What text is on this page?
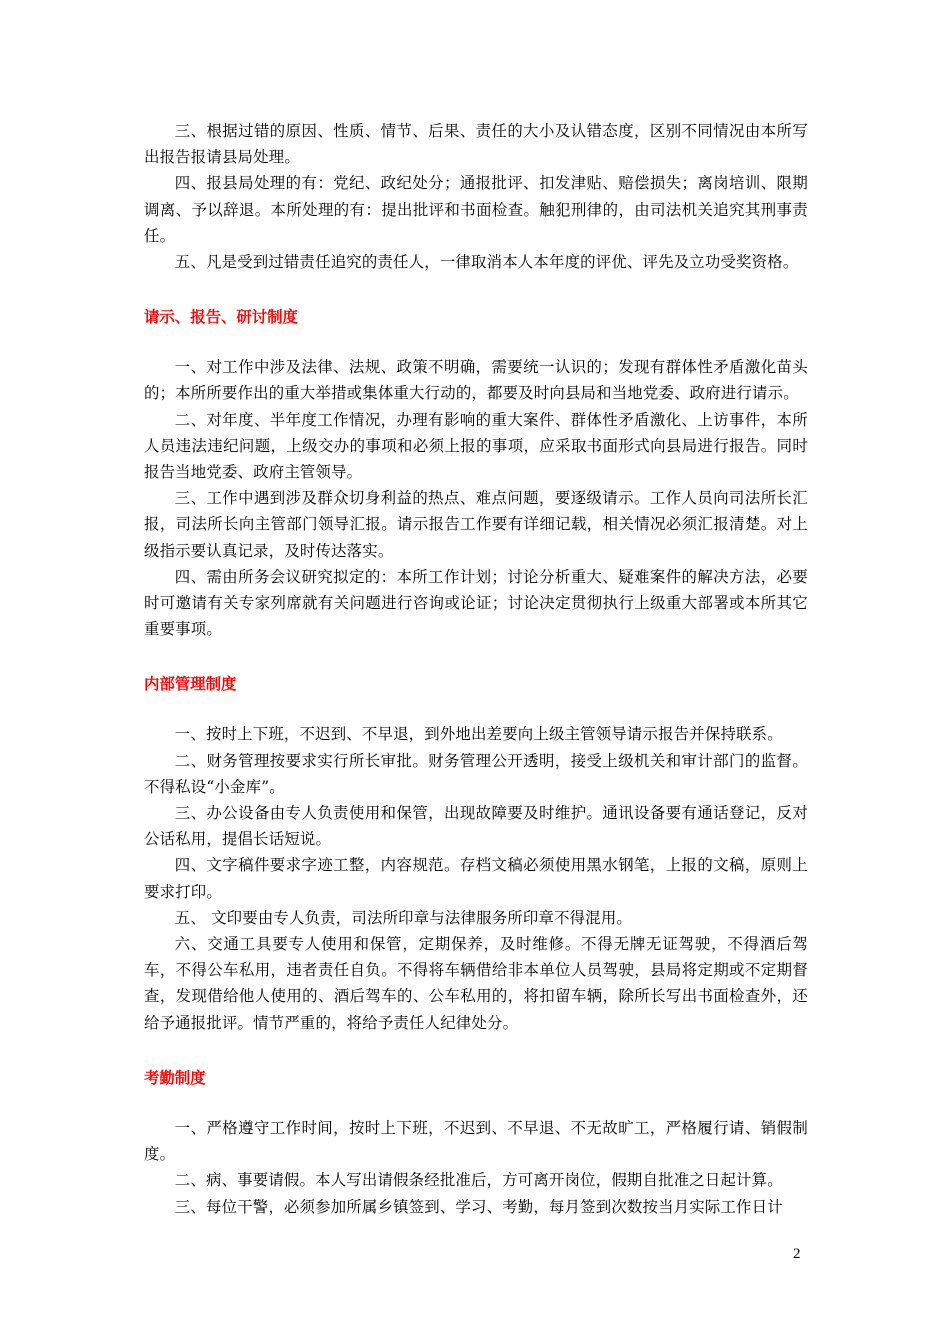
三、根据过错的原因、性质、情节、后果、责任的大小及认错态度，区别不同情况由本所写出报告报请县局处理。

四、报县局处理的有：党纪、政纪处分；通报批评、扣发津贴、赔偿损失；离岗培训、限期调离、予以辞退。本所处理的有：提出批评和书面检查。触犯刑律的，由司法机关追究其刑事责任。

五、凡是受到过错责任追究的责任人，一律取消本人本年度的评优、评先及立功受奖资格。

请示、报告、研讨制度

一、对工作中涉及法律、法规、政策不明确，需要统一认识的；发现有群体性矛盾激化苗头的；本所所要作出的重大举措或集体重大行动的，都要及时向县局和当地党委、政府进行请示。

二、对年度、半年度工作情况，办理有影响的重大案件、群体性矛盾激化、上访事件，本所人员违法违纪问题，上级交办的事项和必须上报的事项，应采取书面形式向县局进行报告。同时报告当地党委、政府主管领导。

三、工作中遇到涉及群众切身利益的热点、难点问题，要逐级请示。工作人员向司法所长汇报，司法所长向主管部门领导汇报。请示报告工作要有详细记载，相关情况必须汇报清楚。对上级指示要认真记录，及时传达落实。

四、需由所务会议研究拟定的：本所工作计划；讨论分析重大、疑难案件的解决方法，必要时可邀请有关专家列席就有关问题进行咨询或论证；讨论决定贯彻执行上级重大部署或本所其它重要事项。

内部管理制度

一、按时上下班，不迟到、不早退，到外地出差要向上级主管领导请示报告并保持联系。

二、财务管理按要求实行所长审批。财务管理公开透明，接受上级机关和审计部门的监督。不得私设“小金库”。

三、办公设备由专人负责使用和保管，出现故障要及时维护。通讯设备要有通话登记，反对公话私用，提倡长话短说。

四、文字稿件要求字迹工整，内容规范。存档文稿必须使用黑水钢笔，上报的文稿，原则上要求打印。

五、 文印要由专人负责，司法所印章与法律服务所印章不得混用。

六、交通工具要专人使用和保管，定期保养，及时维修。不得无牌无证驾驶，不得酒后驾车，不得公车私用，违者责任自负。不得将车辆借给非本单位人员驾驶，县局将定期或不定期督查，发现借给他人使用的、酒后驾车的、公车私用的，将扣留车辆，除所长写出书面检查外，还给予通报批评。情节严重的，将给予责任人纪律处分。

考勤制度

一、严格遵守工作时间，按时上下班，不迟到、不早退、不无故旷工，严格履行请、销假制度。

二、病、事要请假。本人写出请假条经批准后，方可离开岗位，假期自批准之日起计算。

三、每位干警，必须参加所属乡镇签到、学习、考勤，每月签到次数按当月实际工作日计

2
